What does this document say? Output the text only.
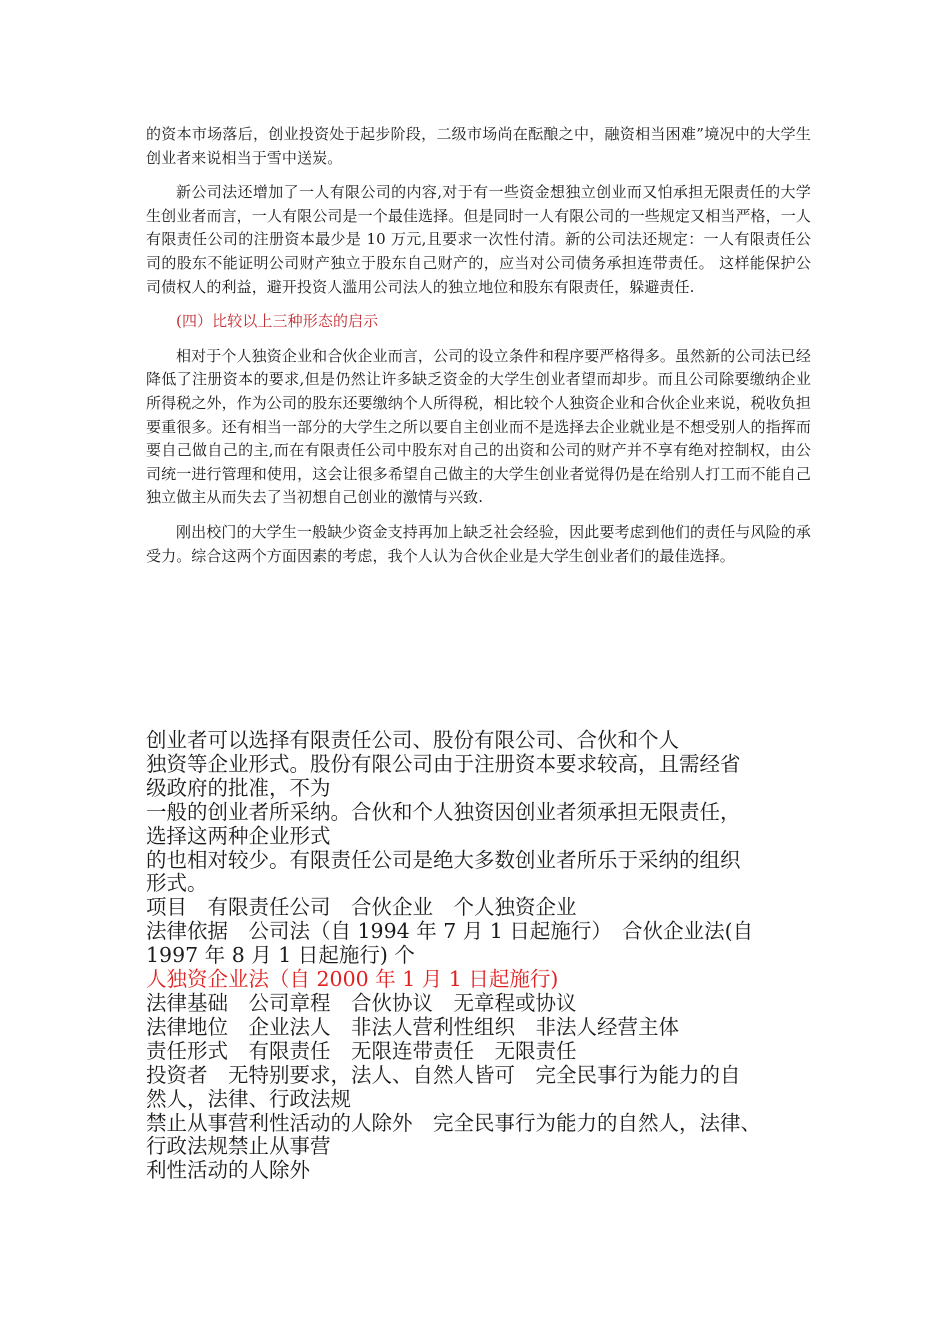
的资本市场落后，创业投资处于起步阶段，二级市场尚在酝酿之中，融资相当困难”境况中的大学生创业者来说相当于雪中送炭。

新公司法还增加了一人有限公司的内容,对于有一些资金想独立创业而又怕承担无限责任的大学生创业者而言，一人有限公司是一个最佳选择。但是同时一人有限公司的一些规定又相当严格，一人有限责任公司的注册资本最少是 10 万元,且要求一次性付清。新的公司法还规定：一人有限责任公司的股东不能证明公司财产独立于股东自己财产的，应当对公司债务承担连带责任。 这样能保护公司债权人的利益，避开投资人滥用公司法人的独立地位和股东有限责任，躲避责任.

(四）比较以上三种形态的启示

相对于个人独资企业和合伙企业而言，公司的设立条件和程序要严格得多。虽然新的公司法已经降低了注册资本的要求,但是仍然让许多缺乏资金的大学生创业者望而却步。而且公司除要缴纳企业所得税之外，作为公司的股东还要缴纳个人所得税，相比较个人独资企业和合伙企业来说，税收负担要重很多。还有相当一部分的大学生之所以要自主创业而不是选择去企业就业是不想受别人的指挥而要自己做自己的主,而在有限责任公司中股东对自己的出资和公司的财产并不享有绝对控制权，由公司统一进行管理和使用，这会让很多希望自己做主的大学生创业者觉得仍是在给别人打工而不能自己独立做主从而失去了当初想自己创业的激情与兴致.

刚出校门的大学生一般缺少资金支持再加上缺乏社会经验，因此要考虑到他们的责任与风险的承受力。综合这两个方面因素的考虑，我个人认为合伙企业是大学生创业者们的最佳选择。

创业者可以选择有限责任公司、股份有限公司、合伙和个人
独资等企业形式。股份有限公司由于注册资本要求较高，且需经省
级政府的批准，不为
一般的创业者所采纳。合伙和个人独资因创业者须承担无限责任，
选择这两种企业形式
的也相对较少。有限责任公司是绝大多数创业者所乐于采纳的组织
形式。
项目　有限责任公司　合伙企业　个人独资企业
法律依据　公司法（自 1994 年 7 月 1 日起施行）　合伙企业法(自
1997 年 8 月 1 日起施行) 个
人独资企业法（自 2000 年 1 月 1 日起施行)
法律基础　公司章程　合伙协议　无章程或协议
法律地位　企业法人　非法人营利性组织　非法人经营主体
责任形式　有限责任　无限连带责任　无限责任
投资者　无特别要求，法人、自然人皆可　完全民事行为能力的自
然人，法律、行政法规
禁止从事营利性活动的人除外　完全民事行为能力的自然人，法律、
行政法规禁止从事营
利性活动的人除外
